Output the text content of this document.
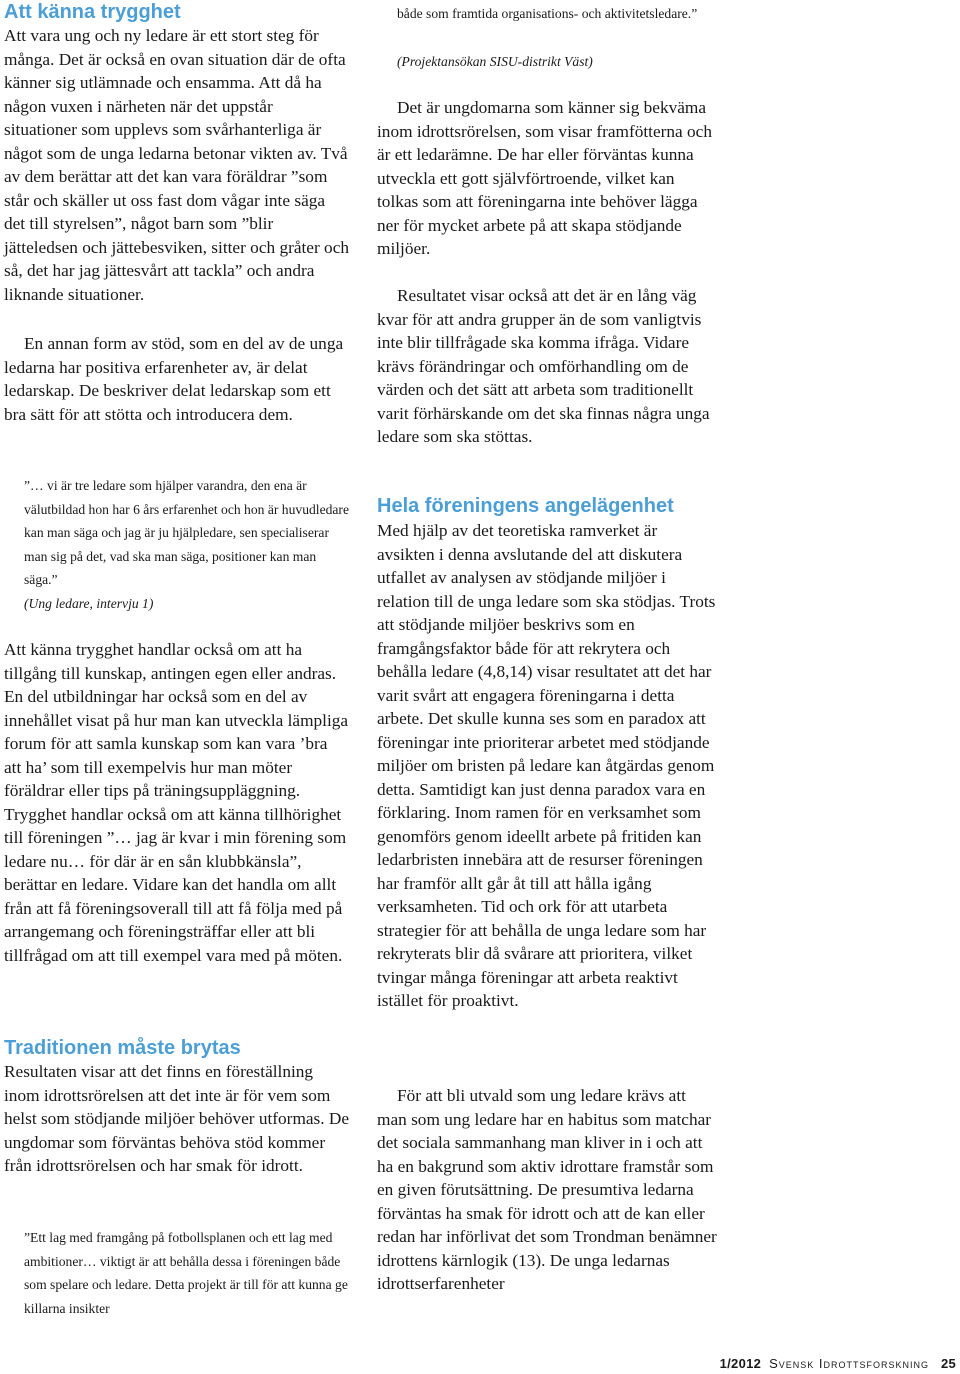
Att känna trygghet

Att vara ung och ny ledare är ett stort steg för många. Det är också en ovan situation där de ofta känner sig utlämnade och ensamma. Att då ha någon vuxen i närheten när det uppstår situationer som upplevs som svårhanterliga är något som de unga ledarna betonar vikten av. Två av dem berättar att det kan vara föräldrar ”som står och skäller ut oss fast dom vågar inte säga det till styrelsen”, något barn som ”blir jätteledsen och jättebesviken, sitter och gråter och så, det har jag jättesvårt att tackla” och andra liknande situationer.

En annan form av stöd, som en del av de unga ledarna har positiva erfarenheter av, är delat ledarskap. De beskriver delat ledarskap som ett bra sätt för att stötta och introducera dem.

”… vi är tre ledare som hjälper varandra, den ena är välutbildad hon har 6 års erfarenhet och hon är huvudledare kan man säga och jag är ju hjälpledare, sen specialiserar man sig på det, vad ska man säga, positioner kan man säga.”

(Ung ledare, intervju 1)

Att känna trygghet handlar också om att ha tillgång till kunskap, antingen egen eller andras. En del utbildningar har också som en del av innehållet visat på hur man kan utveckla lämpliga forum för att samla kunskap som kan vara ’bra att ha’ som till exempelvis hur man möter föräldrar eller tips på träningsuppläggning. Trygghet handlar också om att känna tillhörighet till föreningen ”… jag är kvar i min förening som ledare nu… för där är en sån klubbkänsla”, berättar en ledare. Vidare kan det handla om allt från att få föreningsoverall till att få följa med på arrangemang och föreningsträffar eller att bli tillfrågad om att till exempel vara med på möten.

Traditionen måste brytas

Resultaten visar att det finns en föreställning inom idrottsrörelsen att det inte är för vem som helst som stödjande miljöer behöver utformas. De ungdomar som förväntas behöva stöd kommer från idrottsrörelsen och har smak för idrott.

”Ett lag med framgång på fotbollsplanen och ett lag med ambitioner… viktigt är att behålla dessa i föreningen både som spelare och ledare. Detta projekt är till för att kunna ge killarna insikter

både som framtida organisations- och aktivitetsledare.”

(Projektansökan SISU-distrikt Väst)

Det är ungdomarna som känner sig bekväma inom idrottsrörelsen, som visar framfötterna och är ett ledarämne. De har eller förväntas kunna utveckla ett gott självförtroende, vilket kan tolkas som att föreningarna inte behöver lägga ner för mycket arbete på att skapa stödjande miljöer.

Resultatet visar också att det är en lång väg kvar för att andra grupper än de som vanligtvis inte blir tillfrågade ska komma ifråga. Vidare krävs förändringar och omförhandling om de värden och det sätt att arbeta som traditionellt varit förhärskande om det ska finnas några unga ledare som ska stöttas.

Hela föreningens angelägenhet

Med hjälp av det teoretiska ramverket är avsikten i denna avslutande del att diskutera utfallet av analysen av stödjande miljöer i relation till de unga ledare som ska stödjas. Trots att stödjande miljöer beskrivs som en framgångsfaktor både för att rekrytera och behålla ledare (4,8,14) visar resultatet att det har varit svårt att engagera föreningarna i detta arbete. Det skulle kunna ses som en paradox att föreningar inte prioriterar arbetet med stödjande miljöer om bristen på ledare kan åtgärdas genom detta. Samtidigt kan just denna paradox vara en förklaring. Inom ramen för en verksamhet som genomförs genom ideellt arbete på fritiden kan ledarbristen innebära att de resurser föreningen har framför allt går åt till att hålla igång verksamheten. Tid och ork för att utarbeta strategier för att behålla de unga ledare som har rekryterats blir då svårare att prioritera, vilket tvingar många föreningar att arbeta reaktivt istället för proaktivt.

För att bli utvald som ung ledare krävs att man som ung ledare har en habitus som matchar det sociala sammanhang man kliver in i och att ha en bakgrund som aktiv idrottare framstår som en given förutsättning. De presumtiva ledarna förväntas ha smak för idrott och att de kan eller redan har införlivat det som Trondman benämner idrottens kärnlogik (13). De unga ledarnas idrottserfarenheter

1/2012 Svensk Idrottsforskning 25
